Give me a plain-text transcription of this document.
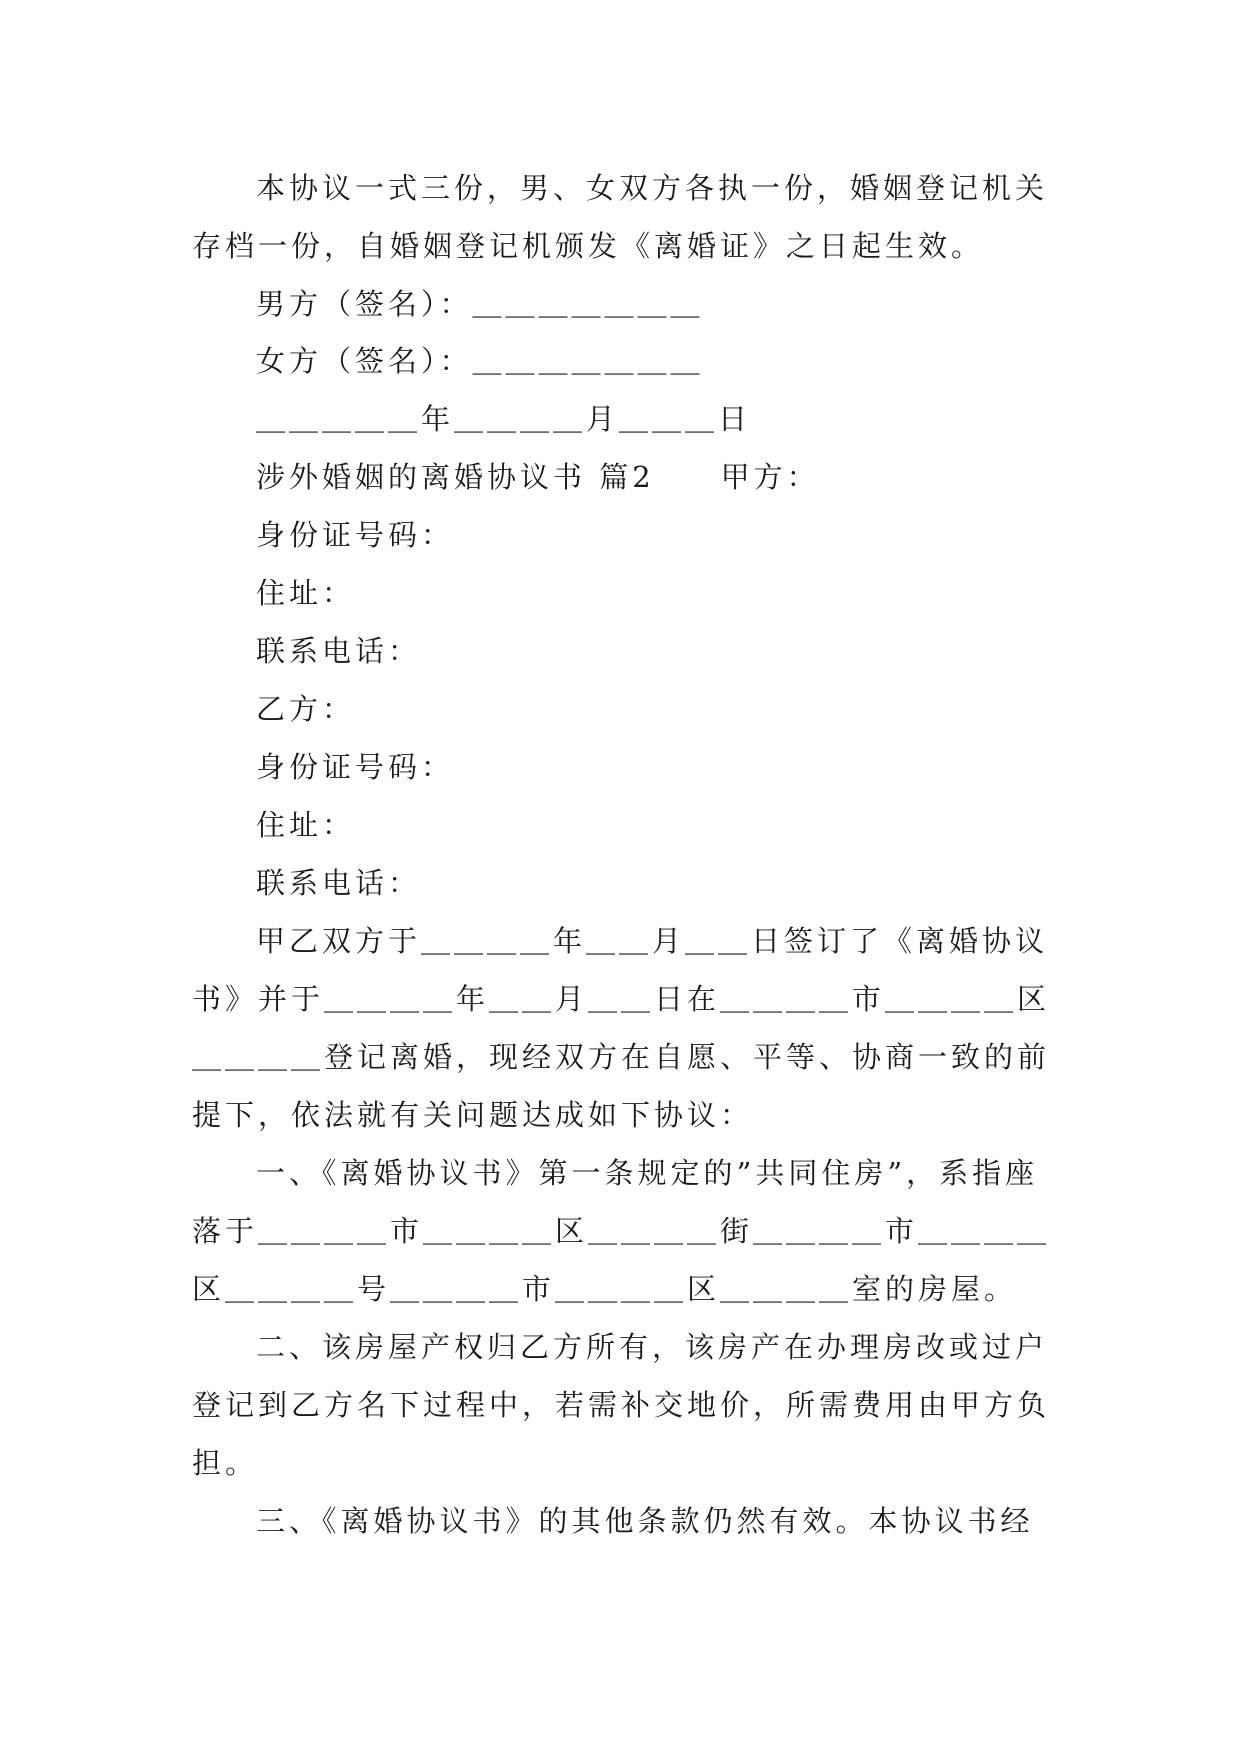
本协议一式三份，男、女双方各执一份，婚姻登记机关
存档一份，自婚姻登记机颁发《离婚证》之日起生效。
男方（签名）：＿＿＿＿＿＿＿
女方（签名）：＿＿＿＿＿＿＿
＿＿＿＿＿年＿＿＿＿月＿＿＿日
涉外婚姻的离婚协议书 篇2　　甲方：
身份证号码：
住址：
联系电话：
乙方：
身份证号码：
住址：
联系电话：
甲乙双方于＿＿＿＿年＿＿月＿＿日签订了《离婚协议
书》并于＿＿＿＿年＿＿月＿＿日在＿＿＿＿市＿＿＿＿区
＿＿＿＿登记离婚，现经双方在自愿、平等、协商一致的前
提下，依法就有关问题达成如下协议：
一、《离婚协议书》第一条规定的”共同住房”，系指座
落于＿＿＿＿市＿＿＿＿区＿＿＿＿街＿＿＿＿市＿＿＿＿
区＿＿＿＿号＿＿＿＿市＿＿＿＿区＿＿＿＿室的房屋。
二、该房屋产权归乙方所有，该房产在办理房改或过户
登记到乙方名下过程中，若需补交地价，所需费用由甲方负
担。
三、《离婚协议书》的其他条款仍然有效。本协议书经
